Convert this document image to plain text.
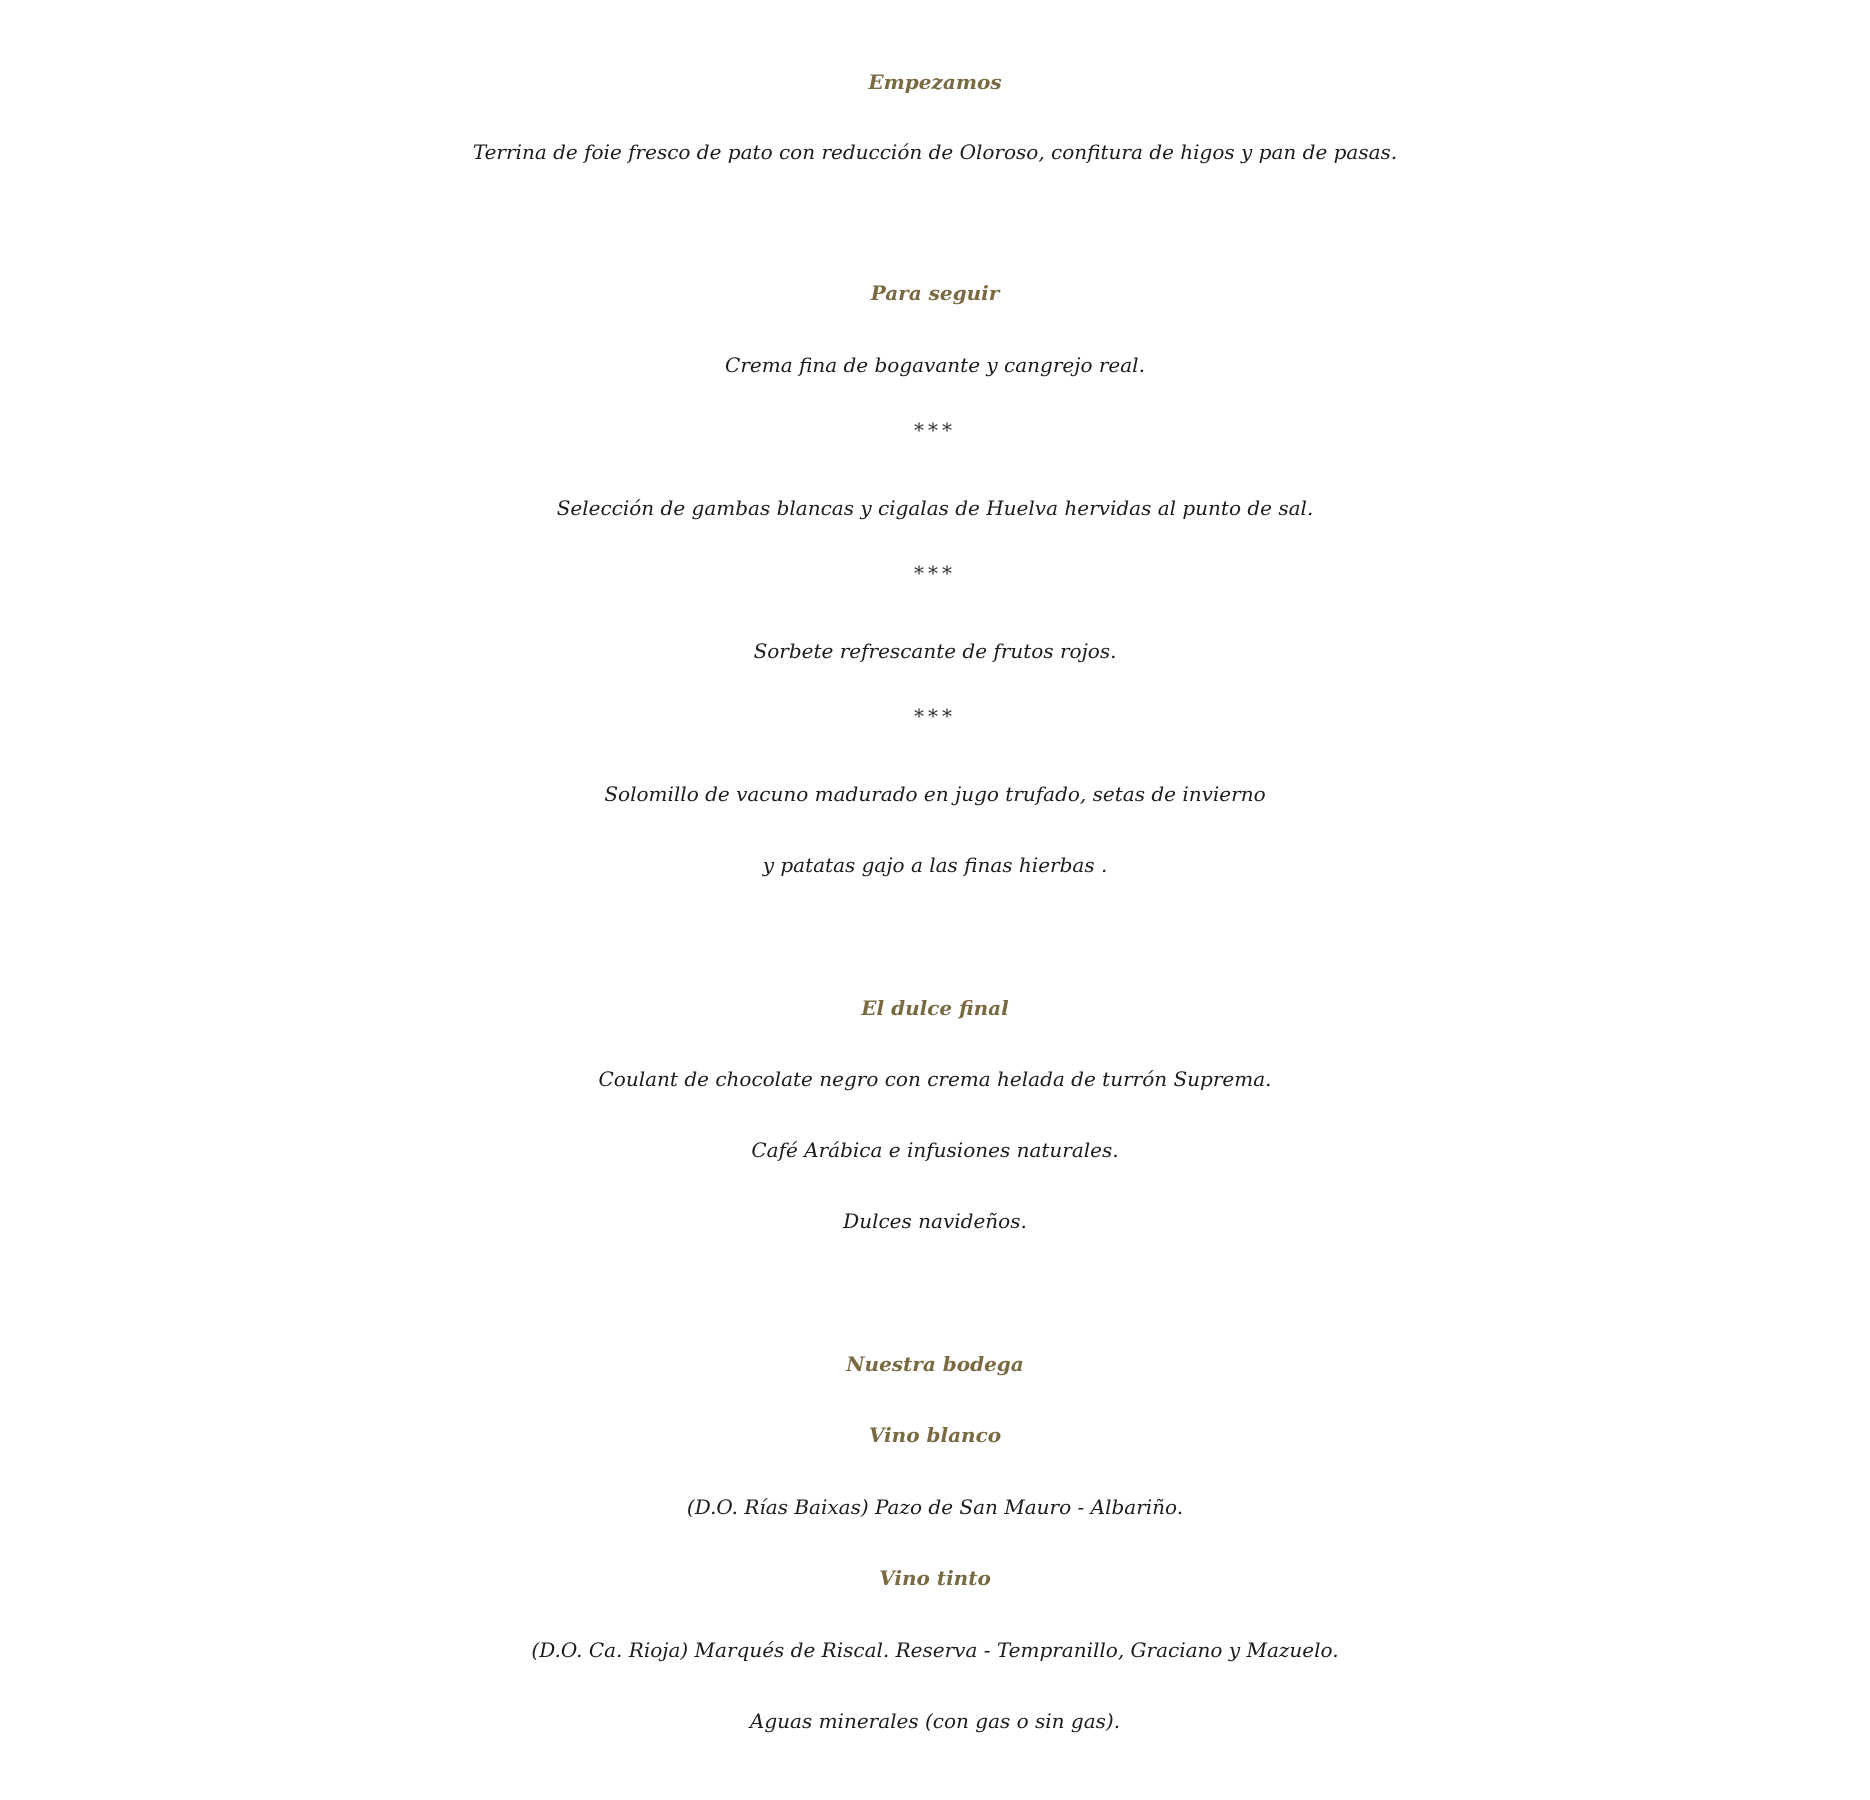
Empezamos
Terrina de foie fresco de pato con reducción de Oloroso, confitura de higos y pan de pasas.
Para seguir
Crema fina de bogavante y cangrejo real.
***
Selección de gambas blancas y cigalas de Huelva hervidas al punto de sal.
***
Sorbete refrescante de frutos rojos.
***
Solomillo de vacuno madurado en jugo trufado, setas de invierno
y patatas gajo a las finas hierbas .
El dulce final
Coulant de chocolate negro con crema helada de turrón Suprema.
Café Arábica e infusiones naturales.
Dulces navideños.
Nuestra bodega
Vino blanco
(D.O. Rías Baixas) Pazo de San Mauro - Albariño.
Vino tinto
(D.O. Ca. Rioja) Marqués de Riscal. Reserva - Tempranillo, Graciano y Mazuelo.
Aguas minerales (con gas o sin gas).
